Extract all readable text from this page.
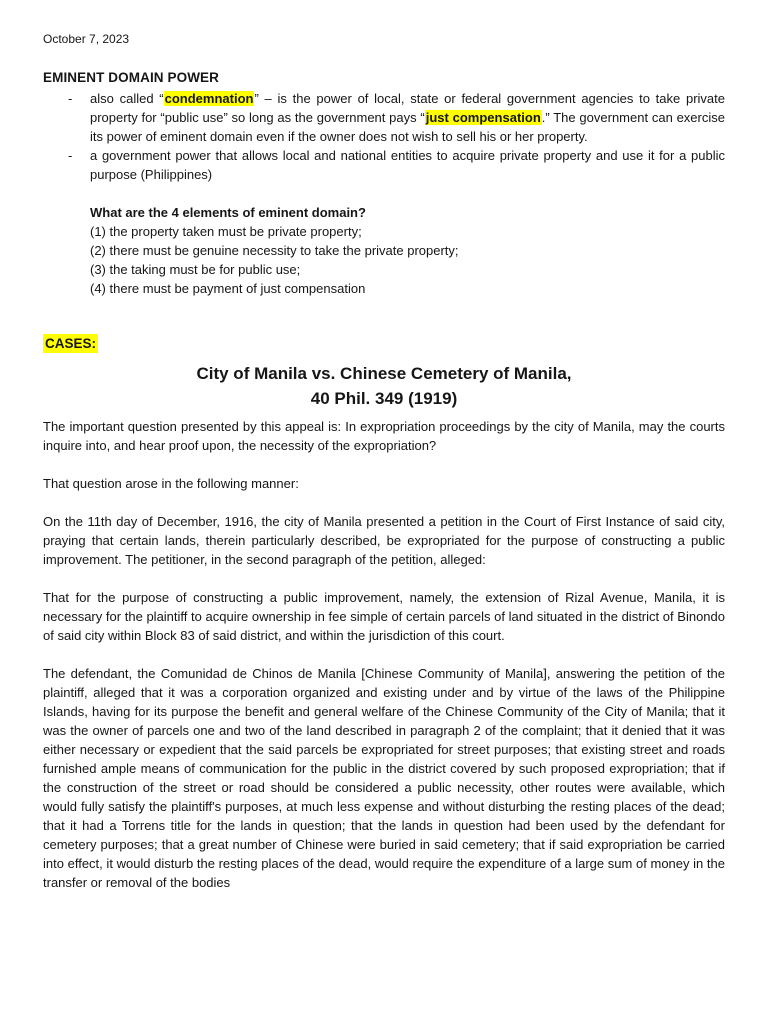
October 7, 2023
EMINENT DOMAIN POWER
-	also called “condemnation” – is the power of local, state or federal government agencies to take private property for “public use” so long as the government pays “just compensation.” The government can exercise its power of eminent domain even if the owner does not wish to sell his or her property.
-	a government power that allows local and national entities to acquire private property and use it for a public purpose (Philippines)
What are the 4 elements of eminent domain?
(1) the property taken must be private property;
(2) there must be genuine necessity to take the private property;
(3) the taking must be for public use;
(4) there must be payment of just compensation
CASES:
City of Manila vs. Chinese Cemetery of Manila,
40 Phil. 349 (1919)

The important question presented by this appeal is: In expropriation proceedings by the city of Manila, may the courts inquire into, and hear proof upon, the necessity of the expropriation?

That question arose in the following manner:

On the 11th day of December, 1916, the city of Manila presented a petition in the Court of First Instance of said city, praying that certain lands, therein particularly described, be expropriated for the purpose of constructing a public improvement. The petitioner, in the second paragraph of the petition, alleged:

That for the purpose of constructing a public improvement, namely, the extension of Rizal Avenue, Manila, it is necessary for the plaintiff to acquire ownership in fee simple of certain parcels of land situated in the district of Binondo of said city within Block 83 of said district, and within the jurisdiction of this court.

The defendant, the Comunidad de Chinos de Manila [Chinese Community of Manila], answering the petition of the plaintiff, alleged that it was a corporation organized and existing under and by virtue of the laws of the Philippine Islands, having for its purpose the benefit and general welfare of the Chinese Community of the City of Manila; that it was the owner of parcels one and two of the land described in paragraph 2 of the complaint; that it denied that it was either necessary or expedient that the said parcels be expropriated for street purposes; that existing street and roads furnished ample means of communication for the public in the district covered by such proposed expropriation; that if the construction of the street or road should be considered a public necessity, other routes were available, which would fully satisfy the plaintiff's purposes, at much less expense and without disturbing the resting places of the dead; that it had a Torrens title for the lands in question; that the lands in question had been used by the defendant for cemetery purposes; that a great number of Chinese were buried in said cemetery; that if said expropriation be carried into effect, it would disturb the resting places of the dead, would require the expenditure of a large sum of money in the transfer or removal of the bodies
